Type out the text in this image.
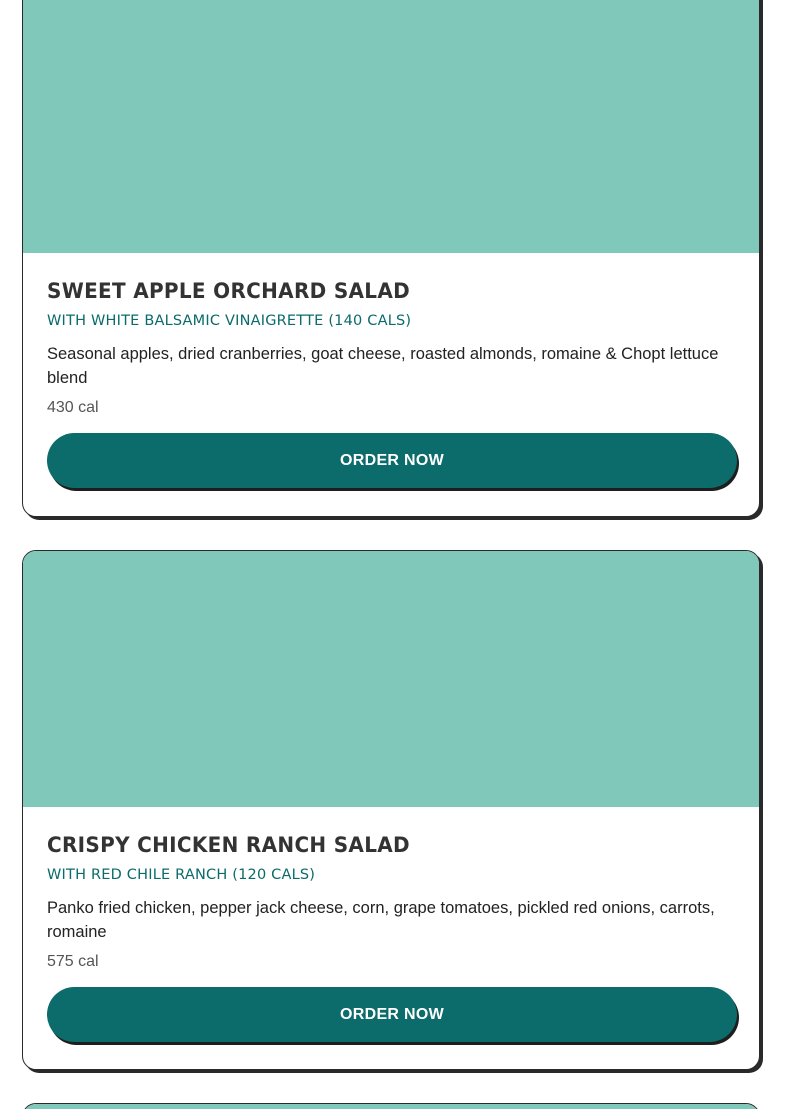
SWEET APPLE ORCHARD SALAD
WITH WHITE BALSAMIC VINAIGRETTE (140 CALS)
Seasonal apples, dried cranberries, goat cheese, roasted almonds, romaine & Chopt lettuce blend
430 cal
ORDER NOW
CRISPY CHICKEN RANCH SALAD
WITH RED CHILE RANCH (120 CALS)
Panko fried chicken, pepper jack cheese, corn, grape tomatoes, pickled red onions, carrots, romaine
575 cal
ORDER NOW
